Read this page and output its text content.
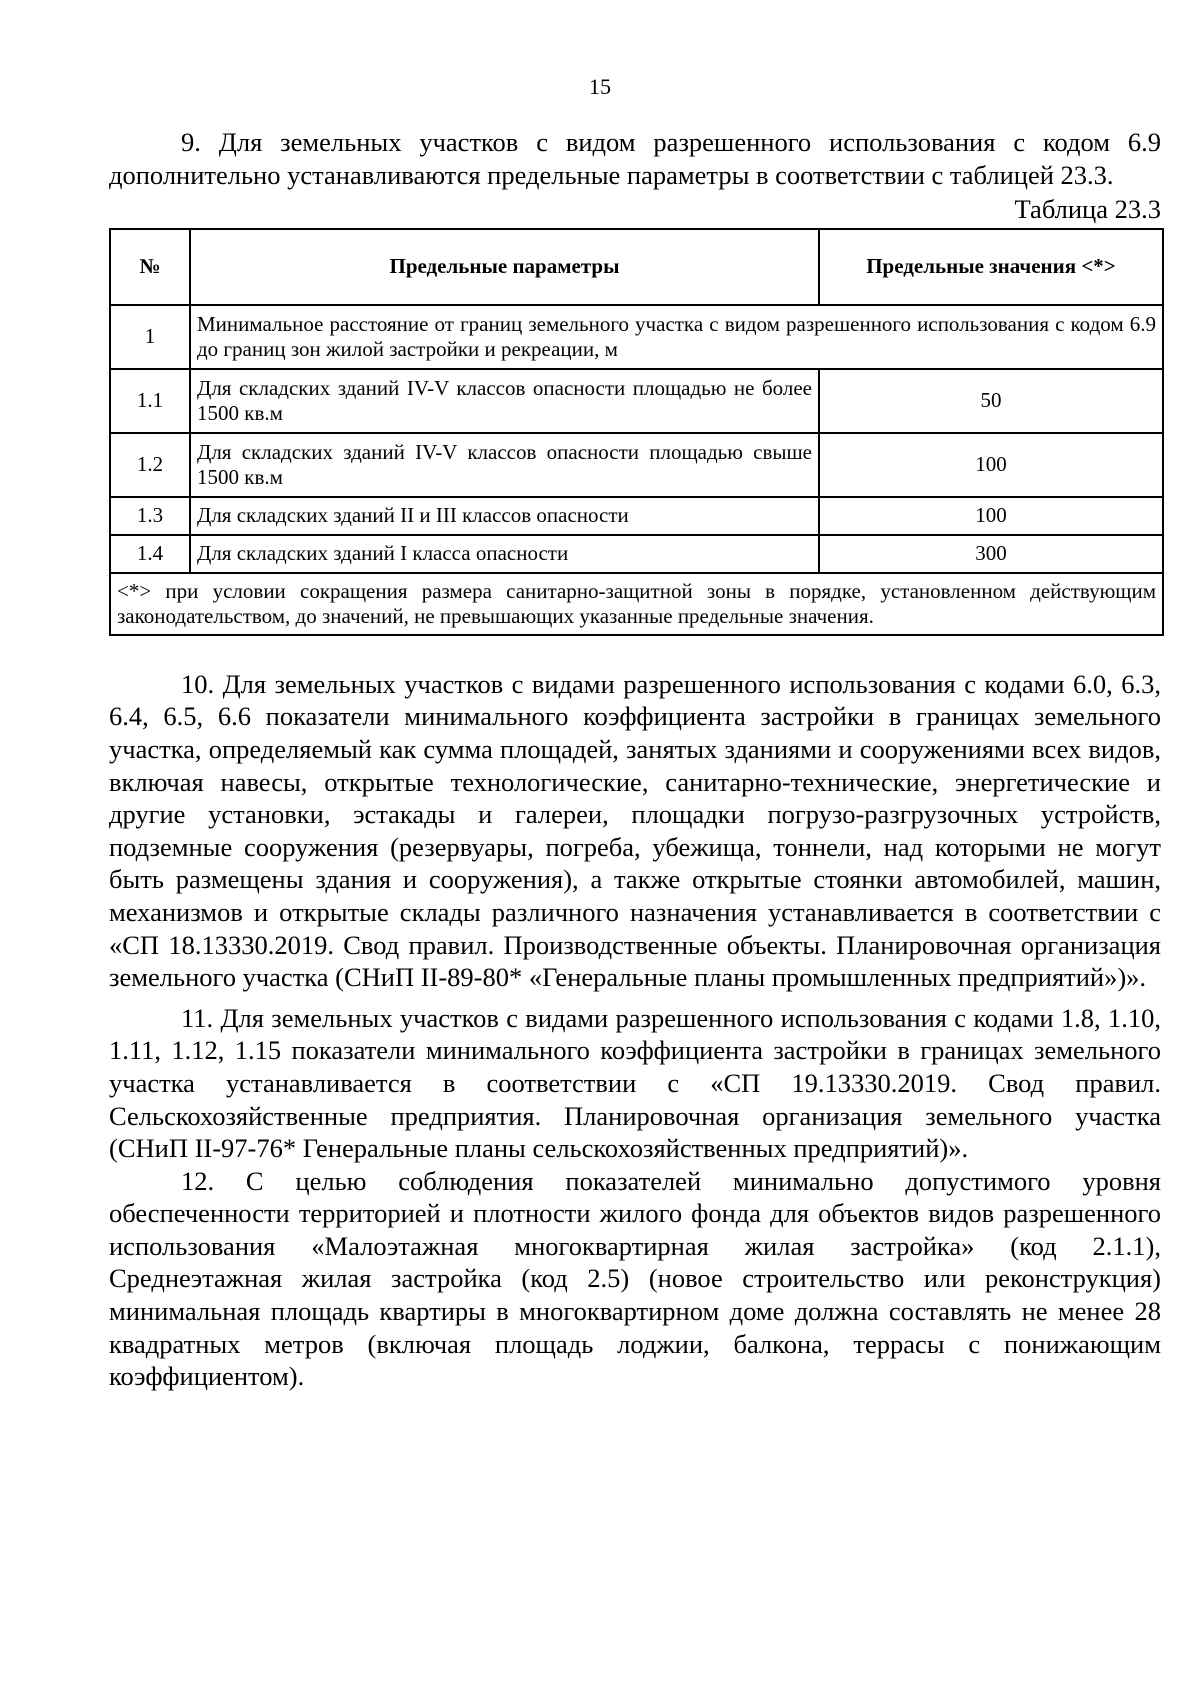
15

9. Для земельных участков с видом разрешенного использования с кодом 6.9 дополнительно устанавливаются предельные параметры в соответствии с таблицей 23.3.

Таблица 23.3

№	Предельные параметры	Предельные значения <*>
1	Минимальное расстояние от границ земельного участка с видом разрешенного использования с кодом 6.9 до границ зон жилой застройки и рекреации, м	
1.1	Для складских зданий IV-V классов опасности площадью не более 1500 кв.м	50
1.2	Для складских зданий IV-V классов опасности площадью свыше 1500 кв.м	100
1.3	Для складских зданий II и III классов опасности	100
1.4	Для складских зданий I класса опасности	300
<*> при условии сокращения размера санитарно-защитной зоны в порядке, установленном действующим законодательством, до значений, не превышающих указанные предельные значения.		

10. Для земельных участков с видами разрешенного использования с кодами 6.0, 6.3, 6.4, 6.5, 6.6 показатели минимального коэффициента застройки в границах земельного участка, определяемый как сумма площадей, занятых зданиями и сооружениями всех видов, включая навесы, открытые технологические, санитарно-технические, энергетические и другие установки, эстакады и галереи, площадки погрузо-разгрузочных устройств, подземные сооружения (резервуары, погреба, убежища, тоннели, над которыми не могут быть размещены здания и сооружения), а также открытые стоянки автомобилей, машин, механизмов и открытые склады различного назначения устанавливается в соответствии с «СП 18.13330.2019. Свод правил. Производственные объекты. Планировочная организация земельного участка (СНиП II-89-80* «Генеральные планы промышленных предприятий»)».

11. Для земельных участков с видами разрешенного использования с кодами 1.8, 1.10, 1.11, 1.12, 1.15 показатели минимального коэффициента застройки в границах земельного участка устанавливается в соответствии с «СП 19.13330.2019. Свод правил. Сельскохозяйственные предприятия. Планировочная организация земельного участка (СНиП II-97-76* Генеральные планы сельскохозяйственных предприятий)».

12. С целью соблюдения показателей минимально допустимого уровня обеспеченности территорией и плотности жилого фонда для объектов видов разрешенного использования «Малоэтажная многоквартирная жилая застройка» (код 2.1.1), Среднеэтажная жилая застройка (код 2.5) (новое строительство или реконструкция) минимальная площадь квартиры в многоквартирном доме должна составлять не менее 28 квадратных метров (включая площадь лоджии, балкона, террасы с понижающим коэффициентом).
